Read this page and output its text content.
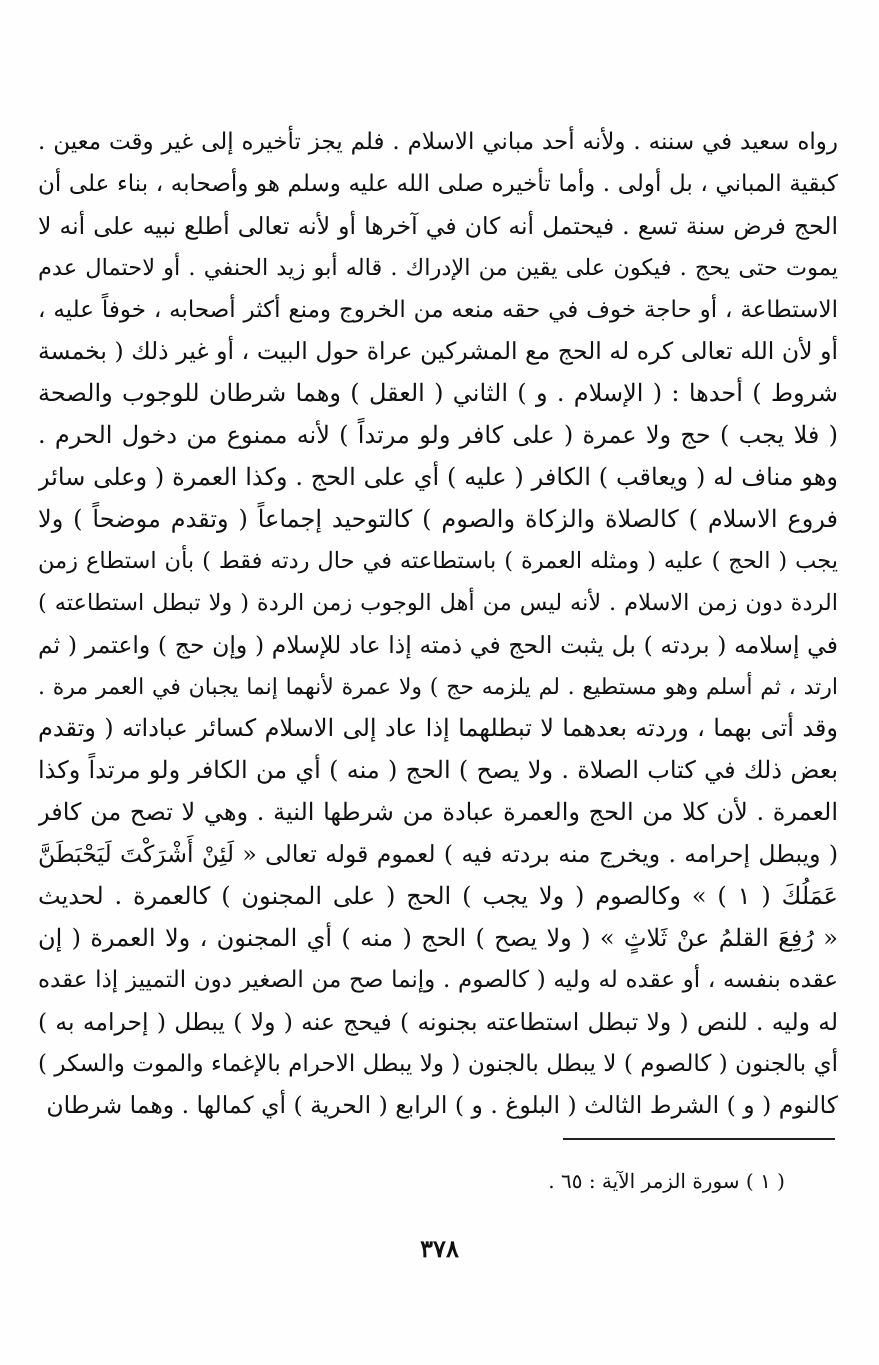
رواه سعيد في سننه . ولأنه أحد مباني الاسلام . فلم يجز تأخيره إلى غير وقت معين .
كبقية المباني ، بل أولى . وأما تأخيره صلى الله عليه وسلم هو وأصحابه ، بناء على أن
الحج فرض سنة تسع . فيحتمل أنه كان في آخرها أو لأنه تعالى أطلع نبيه على أنه لا
يموت حتى يحج . فيكون على يقين من الإدراك . قاله أبو زيد الحنفي . أو لاحتمال عدم
الاستطاعة ، أو حاجة خوف في حقه منعه من الخروج ومنع أكثر أصحابه ، خوفاً عليه ،
أو لأن الله تعالى كره له الحج مع المشركين عراة حول البيت ، أو غير ذلك ( بخمسة
شروط ) أحدها : ( الإسلام . و ) الثاني ( العقل ) وهما شرطان للوجوب والصحة
( فلا يجب ) حج ولا عمرة ( على كافر ولو مرتداً ) لأنه ممنوع من دخول الحرم .
وهو مناف له ( ويعاقب ) الكافر ( عليه ) أي على الحج . وكذا العمرة ( وعلى سائر
فروع الاسلام ) كالصلاة والزكاة والصوم ) كالتوحيد إجماعاً ( وتقدم موضحاً ) ولا
يجب ( الحج ) عليه ( ومثله العمرة ) باستطاعته في حال ردته فقط ) بأن استطاع زمن
الردة دون زمن الاسلام . لأنه ليس من أهل الوجوب زمن الردة ( ولا تبطل استطاعته )
في إسلامه ( بردته ) بل يثبت الحج في ذمته إذا عاد للإسلام ( وإن حج ) واعتمر ( ثم
ارتد ، ثم أسلم وهو مستطيع . لم يلزمه حج ) ولا عمرة لأنهما إنما يجبان في العمر مرة .
وقد أتى بهما ، وردته بعدهما لا تبطلهما إذا عاد إلى الاسلام كسائر عباداته ( وتقدم
بعض ذلك في كتاب الصلاة . ولا يصح ) الحج ( منه ) أي من الكافر ولو مرتداً وكذا
العمرة . لأن كلا من الحج والعمرة عبادة من شرطها النية . وهي لا تصح من كافر
( ويبطل إحرامه . ويخرج منه بردته فيه ) لعموم قوله تعالى « لَئِنْ أَشْرَكْتَ لَيَحْبَطَنَّ
عَمَلُكَ ( ١ ) » وكالصوم ( ولا يجب ) الحج ( على المجنون ) كالعمرة . لحديث
« رُفِعَ القلمُ عنْ ثَلاثٍ » ( ولا يصح ) الحج ( منه ) أي المجنون ، ولا العمرة ( إن
عقده بنفسه ، أو عقده له وليه ( كالصوم . وإنما صح من الصغير دون التمييز إذا عقده
له وليه . للنص ( ولا تبطل استطاعته بجنونه ) فيحج عنه ( ولا ) يبطل ( إحرامه به )
أي بالجنون ( كالصوم ) لا يبطل بالجنون ( ولا يبطل الاحرام بالإغماء والموت والسكر )
كالنوم ( و ) الشرط الثالث ( البلوغ . و ) الرابع ( الحرية ) أي كمالها . وهما شرطان
( ١ ) سورة الزمر الآية : ٦٥ .
٣٧٨
